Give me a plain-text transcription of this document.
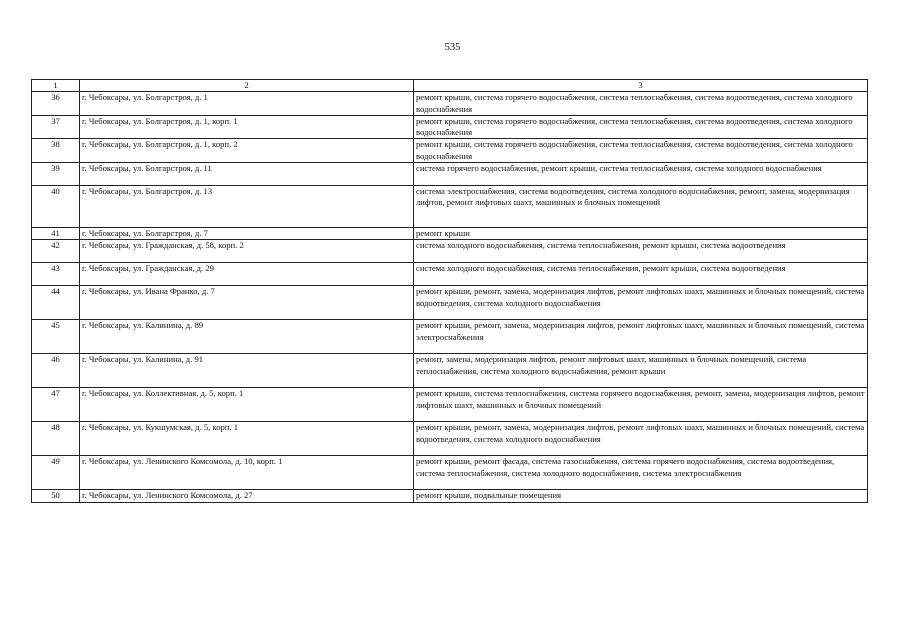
535
1	2	3
36	г. Чебоксары, ул. Болгарстроя, д. 1	ремонт крыши, система горячего водоснабжения, система теплоснабжения, система водоотведения, система холодного водоснабжения
37	г. Чебоксары, ул. Болгарстроя, д. 1, корп. 1	ремонт крыши, система горячего водоснабжения, система теплоснабжения, система водоотведения, система холодного водоснабжения
38	г. Чебоксары, ул. Болгарстроя, д. 1, корп. 2	ремонт крыши, система горячего водоснабжения, система теплоснабжения, система водоотведения, система холодного водоснабжения
39	г. Чебоксары, ул. Болгарстроя, д. 11	система горячего водоснабжения, ремонт крыши, система теплоснабжения, система холодного водоснабжения
40	г. Чебоксары, ул. Болгарстроя, д. 13	система электроснабжения, система водоотведения, система холодного водоснабжения, ремонт, замена, модернизация лифтов, ремонт лифтовых шахт, машинных и блочных помещений
41	г. Чебоксары, ул. Болгарстроя, д. 7	ремонт крыши
42	г. Чебоксары, ул. Гражданская, д. 58, корп. 2	система холодного водоснабжения, система теплоснабжения, ремонт крыши, система водоотведения
43	г. Чебоксары, ул. Гражданская, д. 29	система холодного водоснабжения, система теплоснабжения, ремонт крыши, система водоотведения
44	г. Чебоксары, ул. Ивана Франко, д. 7	ремонт крыши, ремонт, замена, модернизация лифтов, ремонт лифтовых шахт, машинных и блочных помещений, система водоотведения, система холодного водоснабжения
45	г. Чебоксары, ул. Калинина, д. 89	ремонт крыши, ремонт, замена, модернизация лифтов, ремонт лифтовых шахт, машинных и блочных помещений, система электроснабжения
46	г. Чебоксары, ул. Калинина, д. 91	ремонт, замена, модернизация лифтов, ремонт лифтовых шахт, машинных и блочных помещений, система теплоснабжения, система холодного водоснабжения, ремонт крыши
47	г. Чебоксары, ул. Коллективная, д. 5, корп. 1	ремонт крыши, система теплоснабжения, система горячего водоснабжения, ремонт, замена, модернизация лифтов, ремонт лифтовых шахт, машинных и блочных помещений
48	г. Чебоксары, ул. Кукшумская, д. 5, корп. 1	ремонт крыши, ремонт, замена, модернизация лифтов, ремонт лифтовых шахт, машинных и блочных помещений, система водоотведения, система холодного водоснабжения
49	г. Чебоксары, ул. Ленинского Комсомола, д. 10, корп. 1	ремонт крыши, ремонт фасада, система газоснабжения, система горячего водоснабжения, система водоотведения, система теплоснабжения, система холодного водоснабжения, система электроснабжения
50	г. Чебоксары, ул. Ленинского Комсомола, д. 27	ремонт крыши, подвальные помещения
